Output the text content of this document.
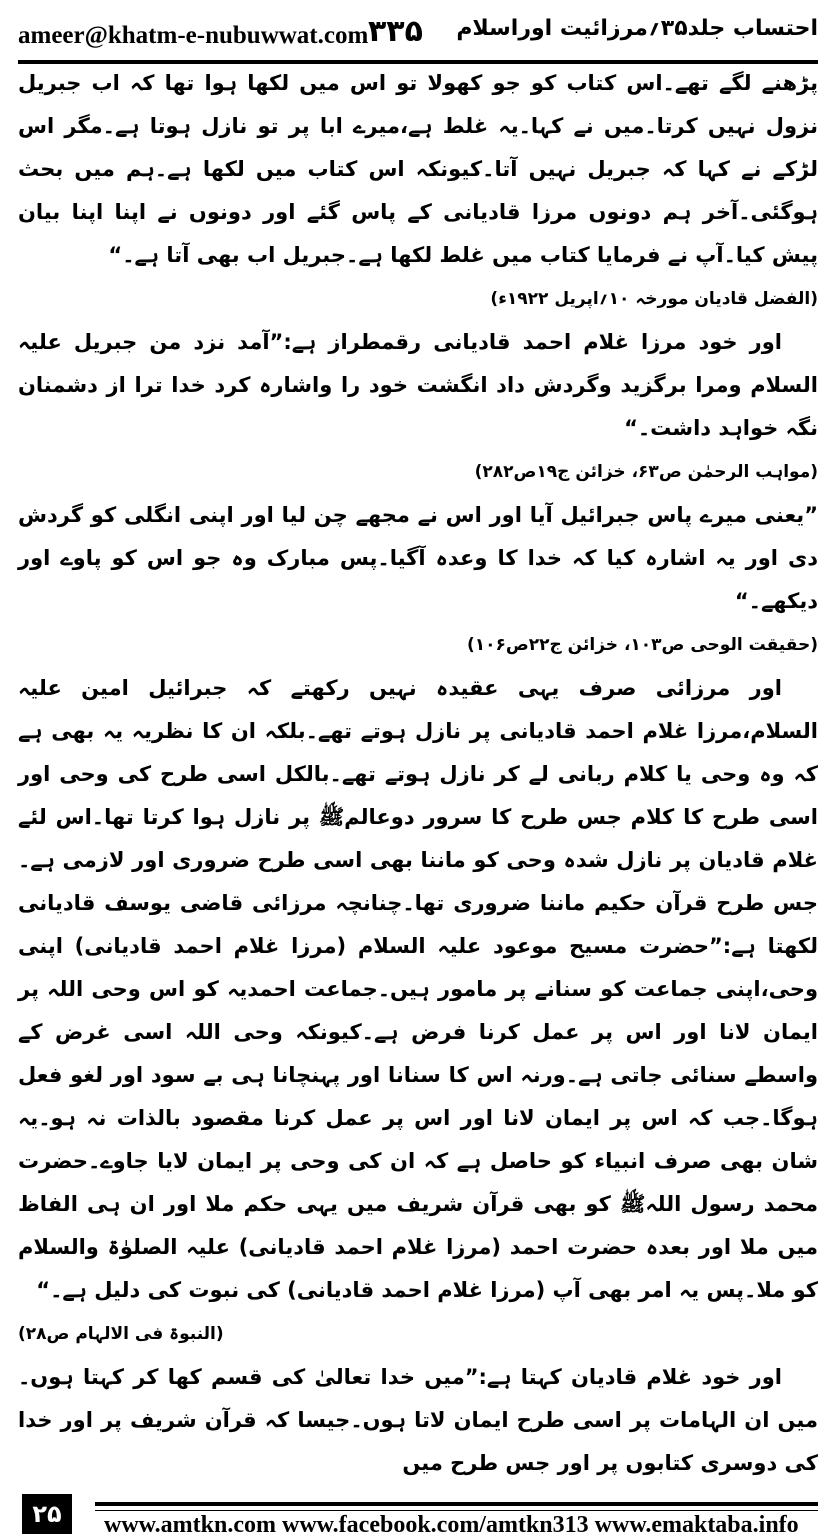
ameer@khatm-e-nubuwwat.com ۳۳۵ احتساب جلد۳۵؍مرزائیت اوراسلام

پڑھنے لگے تھے۔اس کتاب کو جو کھولا تو اس میں لکھا ہوا تھا کہ اب جبریل نزول نہیں کرتا۔میں نے کہا۔یہ غلط ہے،میرے ابا پر تو نازل ہوتا ہے۔مگر اس لڑکے نے کہا کہ جبریل نہیں آتا۔کیونکہ اس کتاب میں لکھا ہے۔ہم میں بحث ہوگئی۔آخر ہم دونوں مرزا قادیانی کے پاس گئے اور دونوں نے اپنا اپنا بیان پیش کیا۔آپ نے فرمایا کتاب میں غلط لکھا ہے۔جبریل اب بھی آتا ہے۔“

(الفضل قادیان مورخہ ۱۰؍اپریل ۱۹۲۲ء)

اور خود مرزا غلام احمد قادیانی رقمطراز ہے:”آمد نزد من جبریل علیہ السلام ومرا برگزید وگردش داد انگشت خود را واشارہ کرد خدا ترا از دشمنان نگہ خواہد داشت۔“

(مواہب الرحمٰن ص۶۳، خزائن ج۱۹ص۲۸۲)

”یعنی میرے پاس جبرائیل آیا اور اس نے مجھے چن لیا اور اپنی انگلی کو گردش دی اور یہ اشارہ کیا کہ خدا کا وعدہ آگیا۔پس مبارک وہ جو اس کو پاوے اور دیکھے۔“

(حقیقت الوحی ص۱۰۳، خزائن ج۲۲ص۱۰۶)

اور مرزائی صرف یہی عقیدہ نہیں رکھتے کہ جبرائیل امین علیہ السلام،مرزا غلام احمد قادیانی پر نازل ہوتے تھے۔بلکہ ان کا نظریہ یہ بھی ہے کہ وہ وحی یا کلام ربانی لے کر نازل ہوتے تھے۔بالکل اسی طرح کی وحی اور اسی طرح کا کلام جس طرح کا سرور دوعالمﷺ پر نازل ہوا کرتا تھا۔اس لئے غلام قادیان پر نازل شدہ وحی کو ماننا بھی اسی طرح ضروری اور لازمی ہے۔جس طرح قرآن حکیم ماننا ضروری تھا۔چنانچہ مرزائی قاضی یوسف قادیانی لکھتا ہے:”حضرت مسیح موعود علیہ السلام (مرزا غلام احمد قادیانی) اپنی وحی،اپنی جماعت کو سنانے پر مامور ہیں۔جماعت احمدیہ کو اس وحی اللہ پر ایمان لانا اور اس پر عمل کرنا فرض ہے۔کیونکہ وحی اللہ اسی غرض کے واسطے سنائی جاتی ہے۔ورنہ اس کا سنانا اور پہنچانا ہی بے سود اور لغو فعل ہوگا۔جب کہ اس پر ایمان لانا اور اس پر عمل کرنا مقصود بالذات نہ ہو۔یہ شان بھی صرف انبیاء کو حاصل ہے کہ ان کی وحی پر ایمان لایا جاوے۔حضرت محمد رسول اللہﷺ کو بھی قرآن شریف میں یہی حکم ملا اور ان ہی الفاظ میں ملا اور بعدہ حضرت احمد (مرزا غلام احمد قادیانی) علیہ الصلوٰۃ والسلام کو ملا۔پس یہ امر بھی آپ (مرزا غلام احمد قادیانی) کی نبوت کی دلیل ہے۔“

(النبوۃ فی الالہام ص۲۸)

اور خود غلام قادیان کہتا ہے:”میں خدا تعالیٰ کی قسم کھا کر کہتا ہوں۔میں ان الہامات پر اسی طرح ایمان لاتا ہوں۔جیسا کہ قرآن شریف پر اور خدا کی دوسری کتابوں پر اور جس طرح میں

۲۵	www.amtkn.com www.facebook.com/amtkn313 www.emaktaba.info
